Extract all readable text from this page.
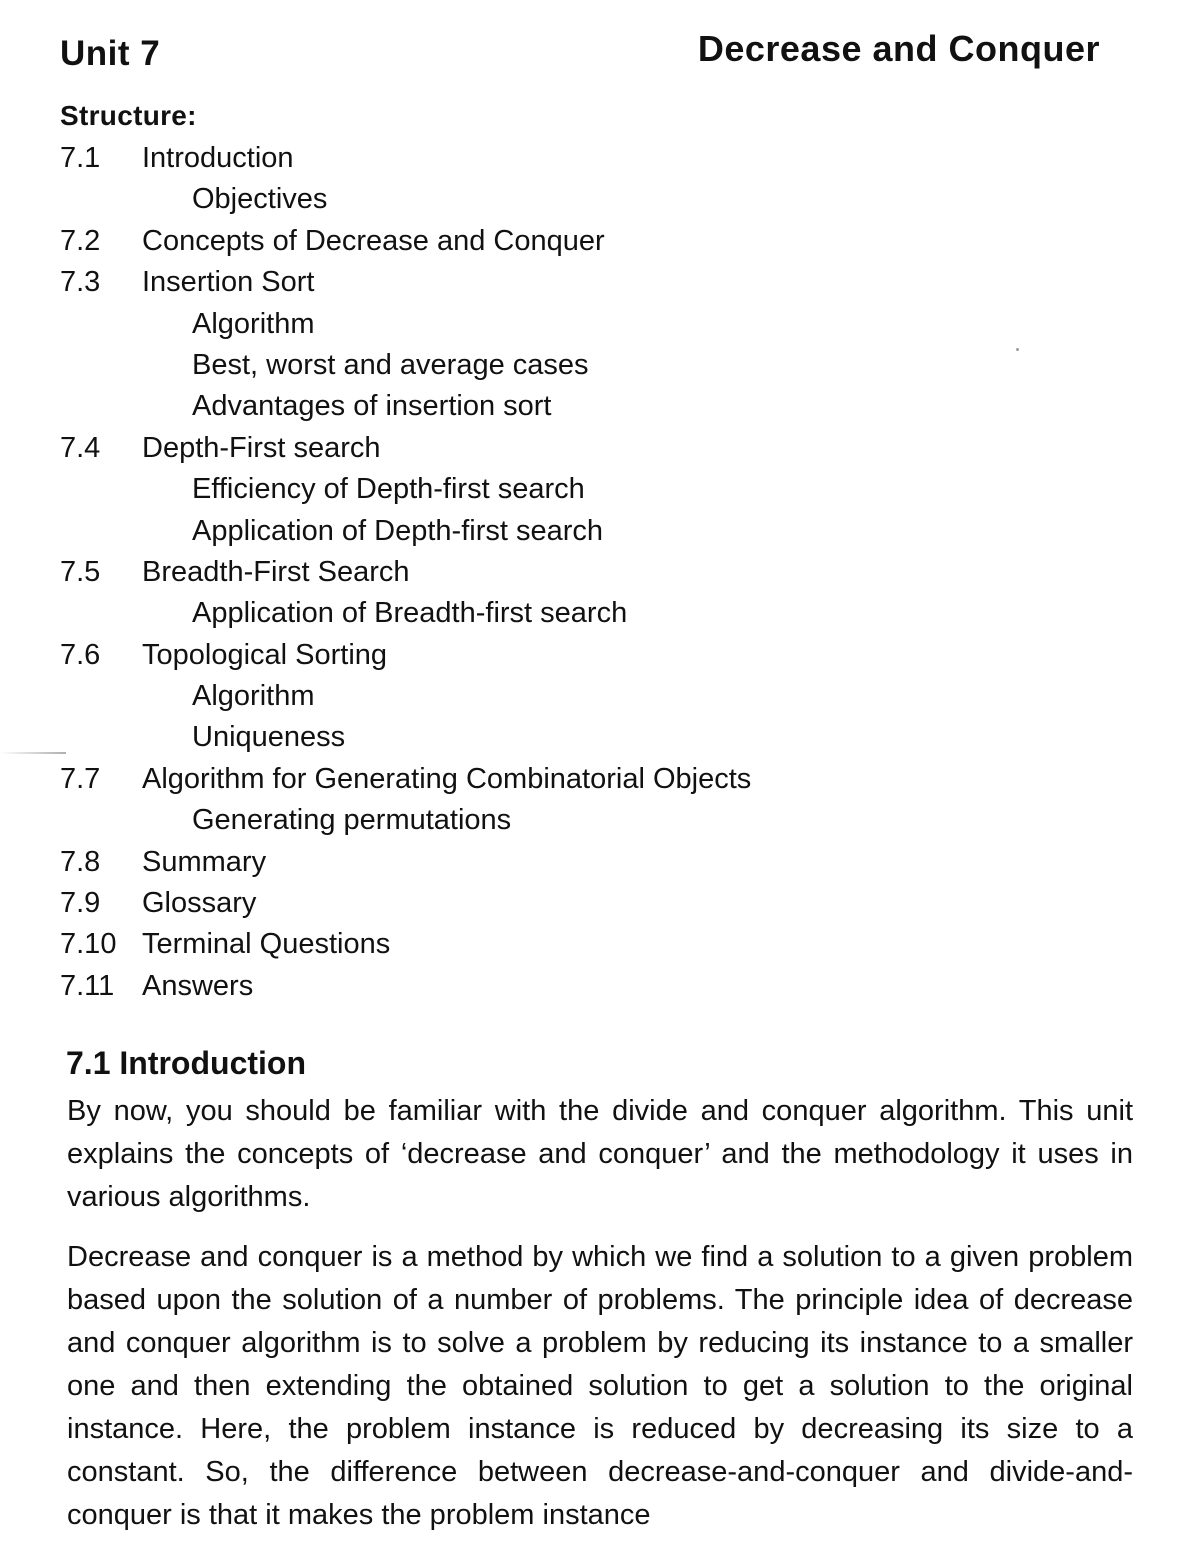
Unit 7	Decrease and Conquer
Structure:
7.1 Introduction
Objectives
7.2 Concepts of Decrease and Conquer
7.3 Insertion Sort
Algorithm
Best, worst and average cases
Advantages of insertion sort
7.4 Depth-First search
Efficiency of Depth-first search
Application of Depth-first search
7.5 Breadth-First Search
Application of Breadth-first search
7.6 Topological Sorting
Algorithm
Uniqueness
7.7 Algorithm for Generating Combinatorial Objects
Generating permutations
7.8 Summary
7.9 Glossary
7.10 Terminal Questions
7.11 Answers
7.1 Introduction

By now, you should be familiar with the divide and conquer algorithm. This unit explains the concepts of ‘decrease and conquer’ and the methodology it uses in various algorithms.

Decrease and conquer is a method by which we find a solution to a given problem based upon the solution of a number of problems. The principle idea of decrease and conquer algorithm is to solve a problem by reducing its instance to a smaller one and then extending the obtained solution to get a solution to the original instance. Here, the problem instance is reduced by decreasing its size to a constant. So, the difference between decrease-and-conquer and divide-and-conquer is that it makes the problem instance
